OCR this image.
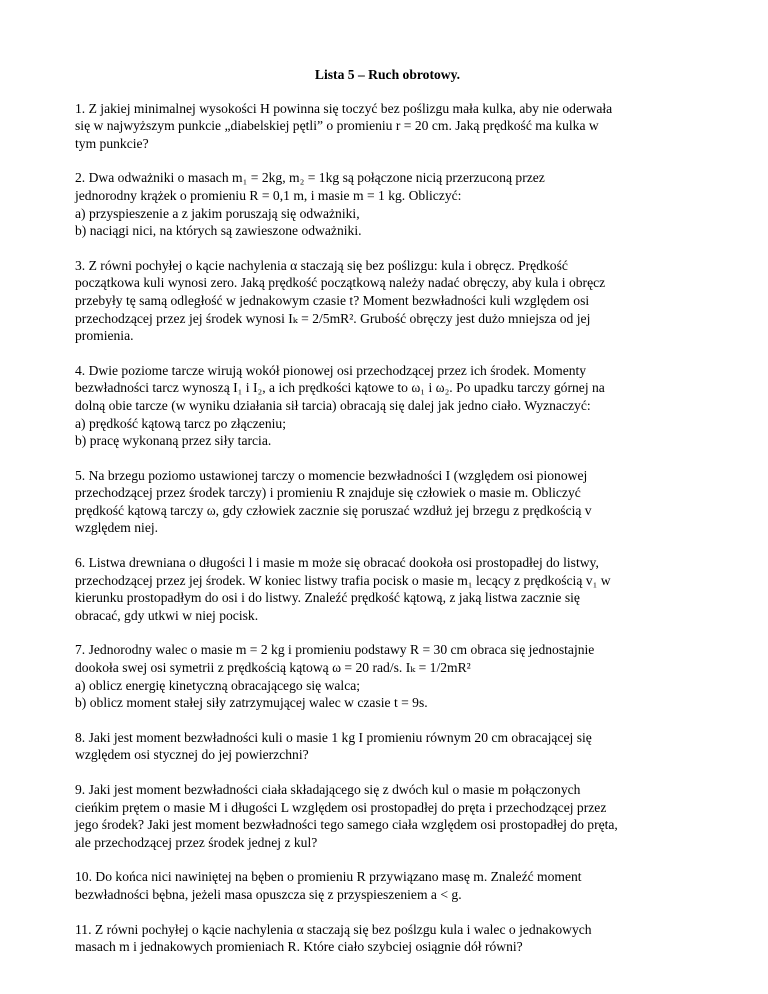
Lista 5 – Ruch obrotowy.
1. Z jakiej minimalnej wysokości H powinna się toczyć bez poślizgu mała kulka, aby nie oderwała
się w najwyższym punkcie „diabelskiej pętli” o promieniu r = 20 cm. Jaką prędkość ma kulka w
tym punkcie?
2. Dwa odważniki o masach m₁ = 2kg, m₂ = 1kg są połączone nicią przerzuconą przez
jednorodny krążek o promieniu R = 0,1 m, i masie m = 1 kg. Obliczyć:
a) przyspieszenie a z jakim poruszają się odważniki,
b) naciągi nici, na których są zawieszone odważniki.
3. Z równi pochyłej o kącie nachylenia α staczają się bez poślizgu: kula i obręcz. Prędkość
początkowa kuli wynosi zero. Jaką prędkość początkową należy nadać obręczy, aby kula i obręcz
przebyły tę samą odległość w jednakowym czasie t? Moment bezwładności kuli względem osi
przechodzącej przez jej środek wynosi Iₖ = 2/5mR². Grubość obręczy jest dużo mniejsza od jej
promienia.
4. Dwie poziome tarcze wirują wokół pionowej osi przechodzącej przez ich środek. Momenty
bezwładności tarcz wynoszą I₁ i I₂, a ich prędkości kątowe to ω₁ i ω₂. Po upadku tarczy górnej na
dolną obie tarcze (w wyniku działania sił tarcia) obracają się dalej jak jedno ciało. Wyznaczyć:
a) prędkość kątową tarcz po złączeniu;
b) pracę wykonaną przez siły tarcia.
5. Na brzegu poziomo ustawionej tarczy o momencie bezwładności I (względem osi pionowej
przechodzącej przez środek tarczy) i promieniu R znajduje się człowiek o masie m. Obliczyć
prędkość kątową tarczy ω, gdy człowiek zacznie się poruszać wzdłuż jej brzegu z prędkością v
względem niej.
6. Listwa drewniana o długości l i masie m może się obracać dookoła osi prostopadłej do listwy,
przechodzącej przez jej środek. W koniec listwy trafia pocisk o masie m₁ lecący z prędkością v₁ w
kierunku prostopadłym do osi i do listwy. Znaleźć prędkość kątową, z jaką listwa zacznie się
obracać, gdy utkwi w niej pocisk.
7. Jednorodny walec o masie m = 2 kg i promieniu podstawy R = 30 cm obraca się jednostajnie
dookoła swej osi symetrii z prędkością kątową ω = 20 rad/s. Iₖ = 1/2mR²
a) oblicz energię kinetyczną obracającego się walca;
b) oblicz moment stałej siły zatrzymującej walec w czasie t = 9s.
8. Jaki jest moment bezwładności kuli o masie 1 kg I promieniu równym 20 cm obracającej się
względem osi stycznej do jej powierzchni?
9. Jaki jest moment bezwładności ciała składającego się z dwóch kul o masie m połączonych
cieńkim prętem o masie M i długości L względem osi prostopadłej do pręta i przechodzącej przez
jego środek? Jaki jest moment bezwładności tego samego ciała względem osi prostopadłej do pręta,
ale przechodzącej przez środek jednej z kul?
10. Do końca nici nawiniętej na bęben o promieniu R przywiązano masę m. Znaleźć moment
bezwładności bębna, jeżeli masa opuszcza się z przyspieszeniem a < g.
11. Z równi pochyłej o kącie nachylenia α staczają się bez poślzgu kula i walec o jednakowych
masach m i jednakowych promieniach R. Które ciało szybciej osiągnie dół równi?
